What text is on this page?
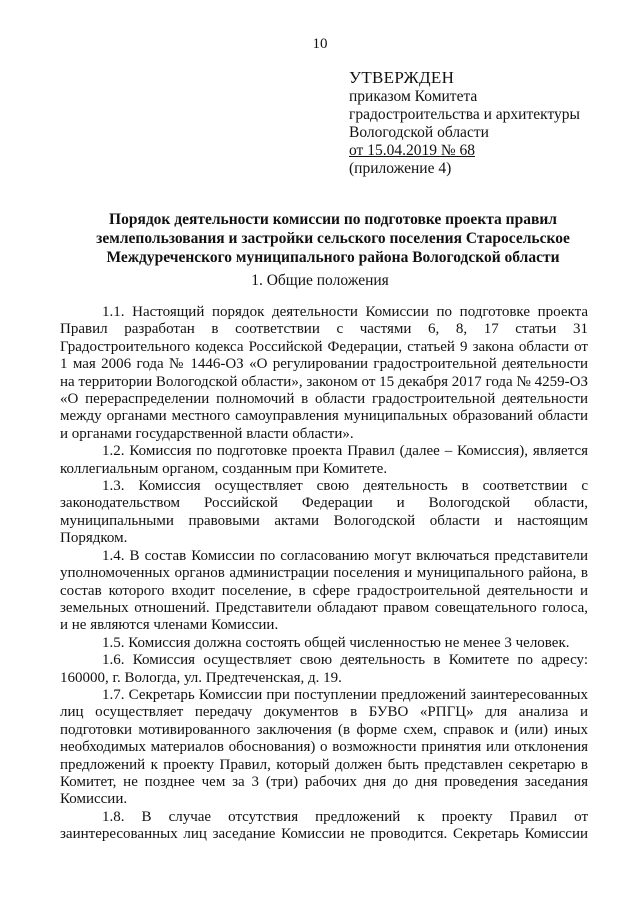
10
УТВЕРЖДЕН
приказом Комитета
градостроительства и архитектуры
Вологодской области
от 15.04.2019 № 68
(приложение 4)
Порядок деятельности комиссии по подготовке проекта правил землепользования и застройки сельского поселения Старосельское Междуреченского муниципального района Вологодской области
1. Общие положения

1.1. Настоящий порядок деятельности Комиссии по подготовке проекта Правил разработан в соответствии с частями 6, 8, 17 статьи 31 Градостроительного кодекса Российской Федерации, статьей 9 закона области от 1 мая 2006 года № 1446-ОЗ «О регулировании градостроительной деятельности на территории Вологодской области», законом от 15 декабря 2017 года № 4259-ОЗ «О перераспределении полномочий в области градостроительной деятельности между органами местного самоуправления муниципальных образований области и органами государственной власти области».

1.2. Комиссия по подготовке проекта Правил (далее – Комиссия), является коллегиальным органом, созданным при Комитете.

1.3. Комиссия осуществляет свою деятельность в соответствии с законодательством Российской Федерации и Вологодской области, муниципальными правовыми актами Вологодской области и настоящим Порядком.

1.4. В состав Комиссии по согласованию могут включаться представители уполномоченных органов администрации поселения и муниципального района, в состав которого входит поселение, в сфере градостроительной деятельности и земельных отношений. Представители обладают правом совещательного голоса, и не являются членами Комиссии.

1.5. Комиссия должна состоять общей численностью не менее 3 человек.

1.6. Комиссия осуществляет свою деятельность в Комитете по адресу: 160000, г. Вологда, ул. Предтеченская, д. 19.

1.7. Секретарь Комиссии при поступлении предложений заинтересованных лиц осуществляет передачу документов в БУВО «РПГЦ» для анализа и подготовки мотивированного заключения (в форме схем, справок и (или) иных необходимых материалов обоснования) о возможности принятия или отклонения предложений к проекту Правил, который должен быть представлен секретарю в Комитет, не позднее чем за 3 (три) рабочих дня до дня проведения заседания Комиссии.

1.8. В случае отсутствия предложений к проекту Правил от заинтересованных лиц заседание Комиссии не проводится. Секретарь Комиссии
